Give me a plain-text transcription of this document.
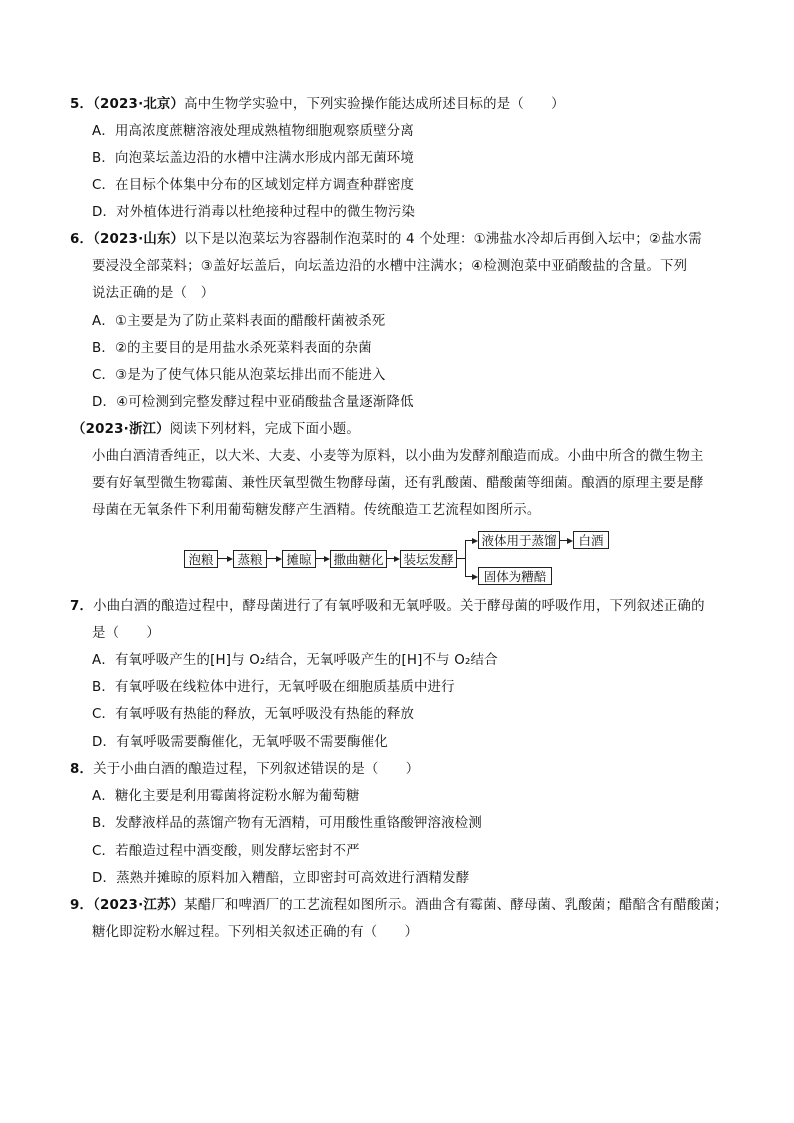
5．（2023·北京）高中生物学实验中，下列实验操作能达成所述目标的是（　　）
A．用高浓度蔗糖溶液处理成熟植物细胞观察质壁分离
B．向泡菜坛盖边沿的水槽中注满水形成内部无菌环境
C．在目标个体集中分布的区域划定样方调查种群密度
D．对外植体进行消毒以杜绝接种过程中的微生物污染
6．（2023·山东）以下是以泡菜坛为容器制作泡菜时的 4 个处理：①沸盐水冷却后再倒入坛中；②盐水需
要浸没全部菜料；③盖好坛盖后，向坛盖边沿的水槽中注满水；④检测泡菜中亚硝酸盐的含量。下列
说法正确的是（　）
A．①主要是为了防止菜料表面的醋酸杆菌被杀死
B．②的主要目的是用盐水杀死菜料表面的杂菌
C．③是为了使气体只能从泡菜坛排出而不能进入
D．④可检测到完整发酵过程中亚硝酸盐含量逐渐降低
（2023·浙江）阅读下列材料，完成下面小题。
小曲白酒清香纯正，以大米、大麦、小麦等为原料，以小曲为发酵剂酿造而成。小曲中所含的微生物主
要有好氧型微生物霉菌、兼性厌氧型微生物酵母菌，还有乳酸菌、醋酸菌等细菌。酿酒的原理主要是酵
母菌在无氧条件下利用葡萄糖发酵产生酒精。传统酿造工艺流程如图所示。
泡粮	蒸粮	摊晾	撒曲糖化 装坛发酵
液体用于蒸馏	白酒
固体为糟醅
7．小曲白酒的酿造过程中，酵母菌进行了有氧呼吸和无氧呼吸。关于酵母菌的呼吸作用，下列叙述正确的
是（　　）
A．有氧呼吸产生的[H]与 O₂结合，无氧呼吸产生的[H]不与 O₂结合
B．有氧呼吸在线粒体中进行，无氧呼吸在细胞质基质中进行
C．有氧呼吸有热能的释放，无氧呼吸没有热能的释放
D．有氧呼吸需要酶催化，无氧呼吸不需要酶催化
8．关于小曲白酒的酿造过程，下列叙述错误的是（　　）
A．糖化主要是利用霉菌将淀粉水解为葡萄糖
B．发酵液样品的蒸馏产物有无酒精，可用酸性重铬酸钾溶液检测
C．若酿造过程中酒变酸，则发酵坛密封不严
D．蒸熟并摊晾的原料加入糟醅，立即密封可高效进行酒精发酵
9．（2023·江苏）某醋厂和啤酒厂的工艺流程如图所示。酒曲含有霉菌、酵母菌、乳酸菌；醋醅含有醋酸菌；
糖化即淀粉水解过程。下列相关叙述正确的有（　　）
